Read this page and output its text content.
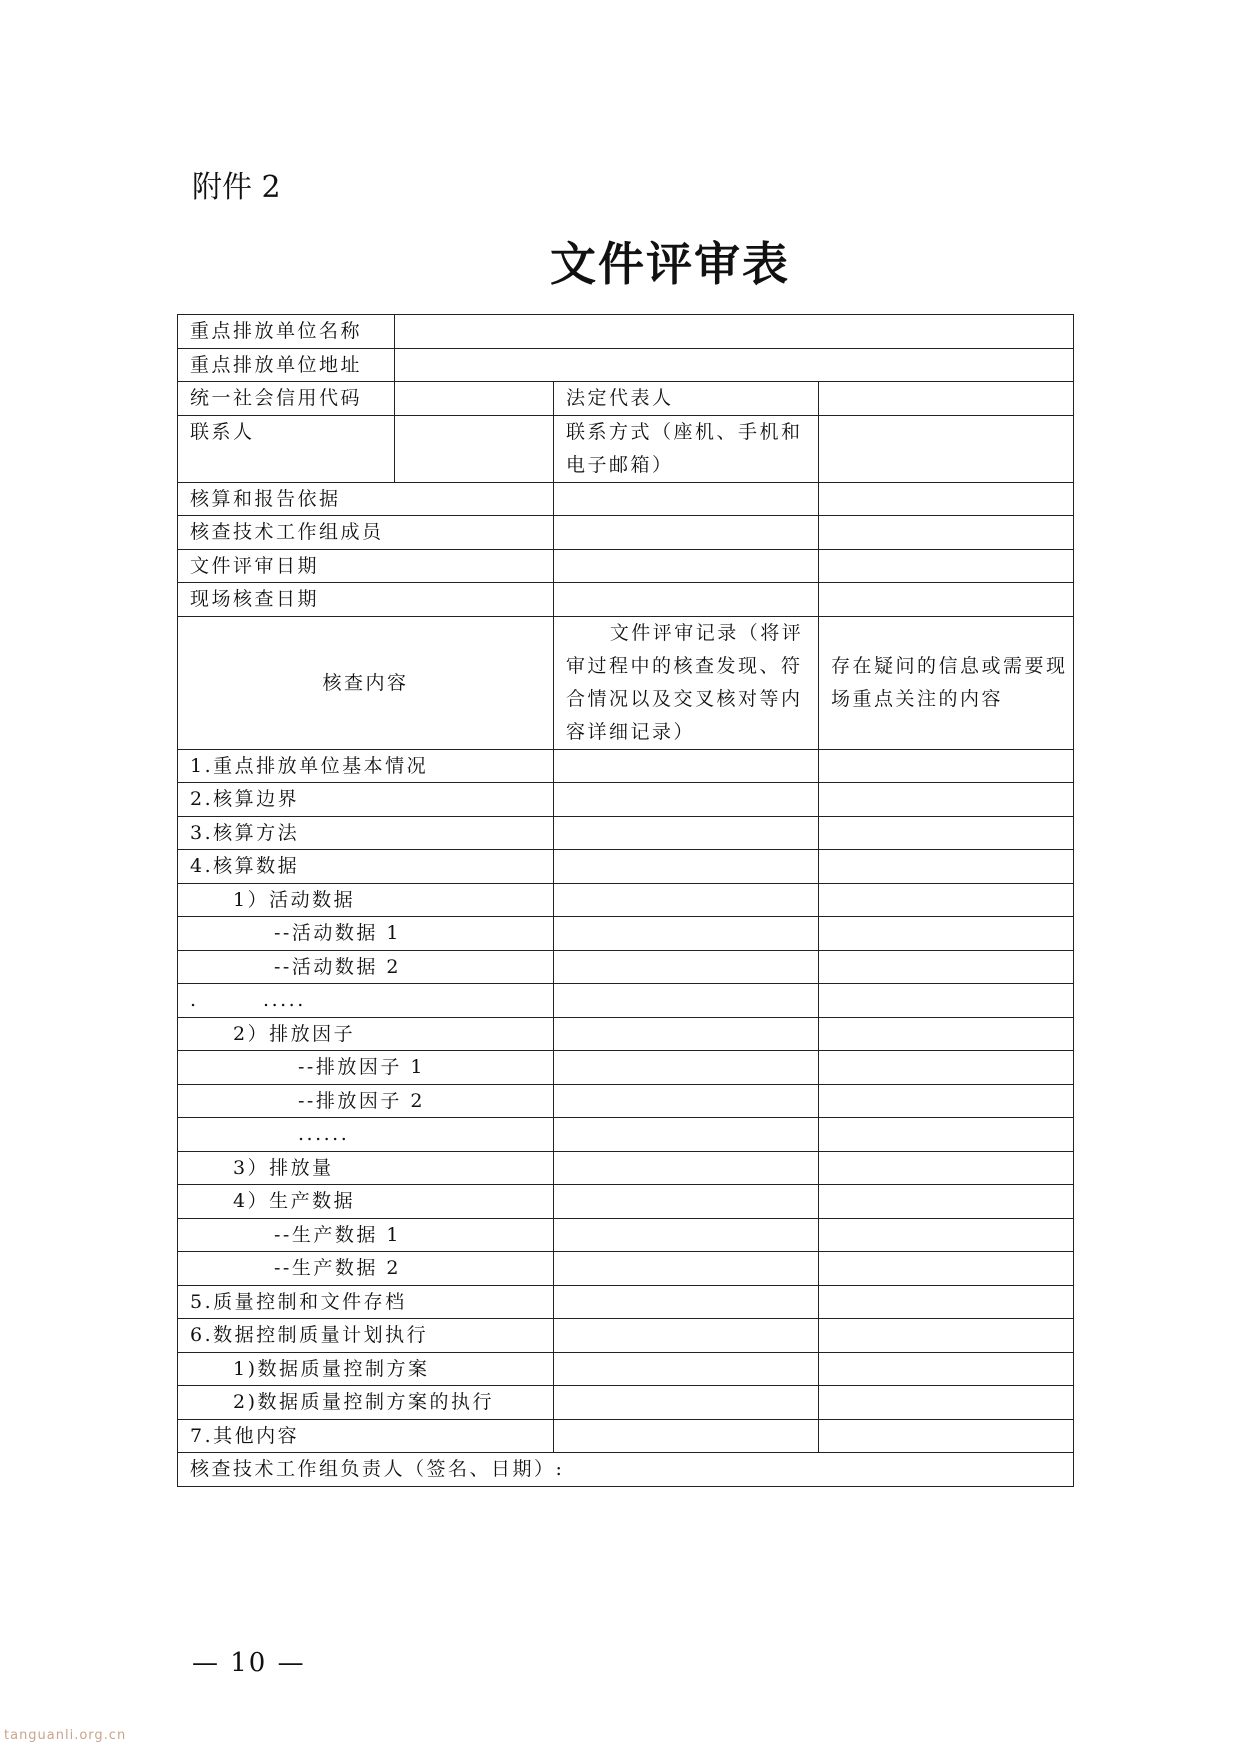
附件 2
文件评审表
重点排放单位名称			
重点排放单位地址			
统一社会信用代码		法定代表人	
联系人		联系方式（座机、手机和电子邮箱）	
核算和报告依据			
核查技术工作组成员			
文件评审日期			
现场核查日期			
核查内容		文件评审记录（将评审过程中的核查发现、符合情况以及交叉核对等内容详细记录）	存在疑问的信息或需要现场重点关注的内容
1.重点排放单位基本情况			
2.核算边界			
3.核算方法			
4.核算数据			
1）活动数据			
--活动数据 1			
--活动数据 2			
.　　　.....			
2）排放因子			
--排放因子 1			
--排放因子 2			
......			
3）排放量			
4）生产数据			
--生产数据 1			
--生产数据 2			
5.质量控制和文件存档			
6.数据控制质量计划执行			
1)数据质量控制方案			
2)数据质量控制方案的执行			
7.其他内容			
核查技术工作组负责人（签名、日期）:			
— 10 —
tanguanli.org.cn
